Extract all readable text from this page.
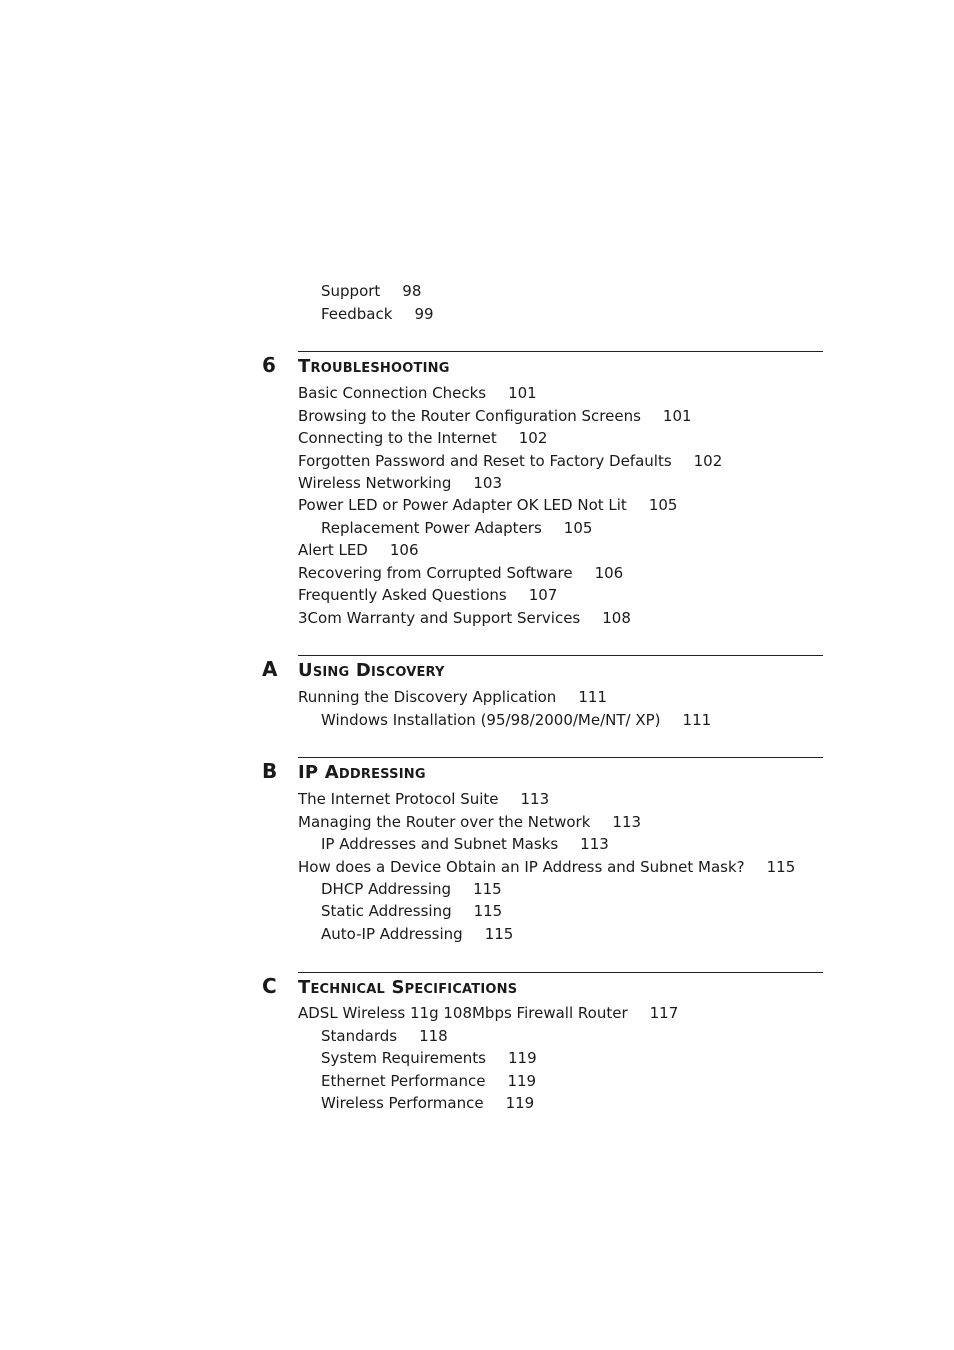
Support 98
Feedback 99
6 Troubleshooting
Basic Connection Checks 101
Browsing to the Router Configuration Screens 101
Connecting to the Internet 102
Forgotten Password and Reset to Factory Defaults 102
Wireless Networking 103
Power LED or Power Adapter OK LED Not Lit 105
Replacement Power Adapters 105
Alert LED 106
Recovering from Corrupted Software 106
Frequently Asked Questions 107
3Com Warranty and Support Services 108
A Using Discovery
Running the Discovery Application 111
Windows Installation (95/98/2000/Me/NT/ XP) 111
B IP Addressing
The Internet Protocol Suite 113
Managing the Router over the Network 113
IP Addresses and Subnet Masks 113
How does a Device Obtain an IP Address and Subnet Mask? 115
DHCP Addressing 115
Static Addressing 115
Auto-IP Addressing 115
C Technical Specifications
ADSL Wireless 11g 108Mbps Firewall Router 117
Standards 118
System Requirements 119
Ethernet Performance 119
Wireless Performance 119
